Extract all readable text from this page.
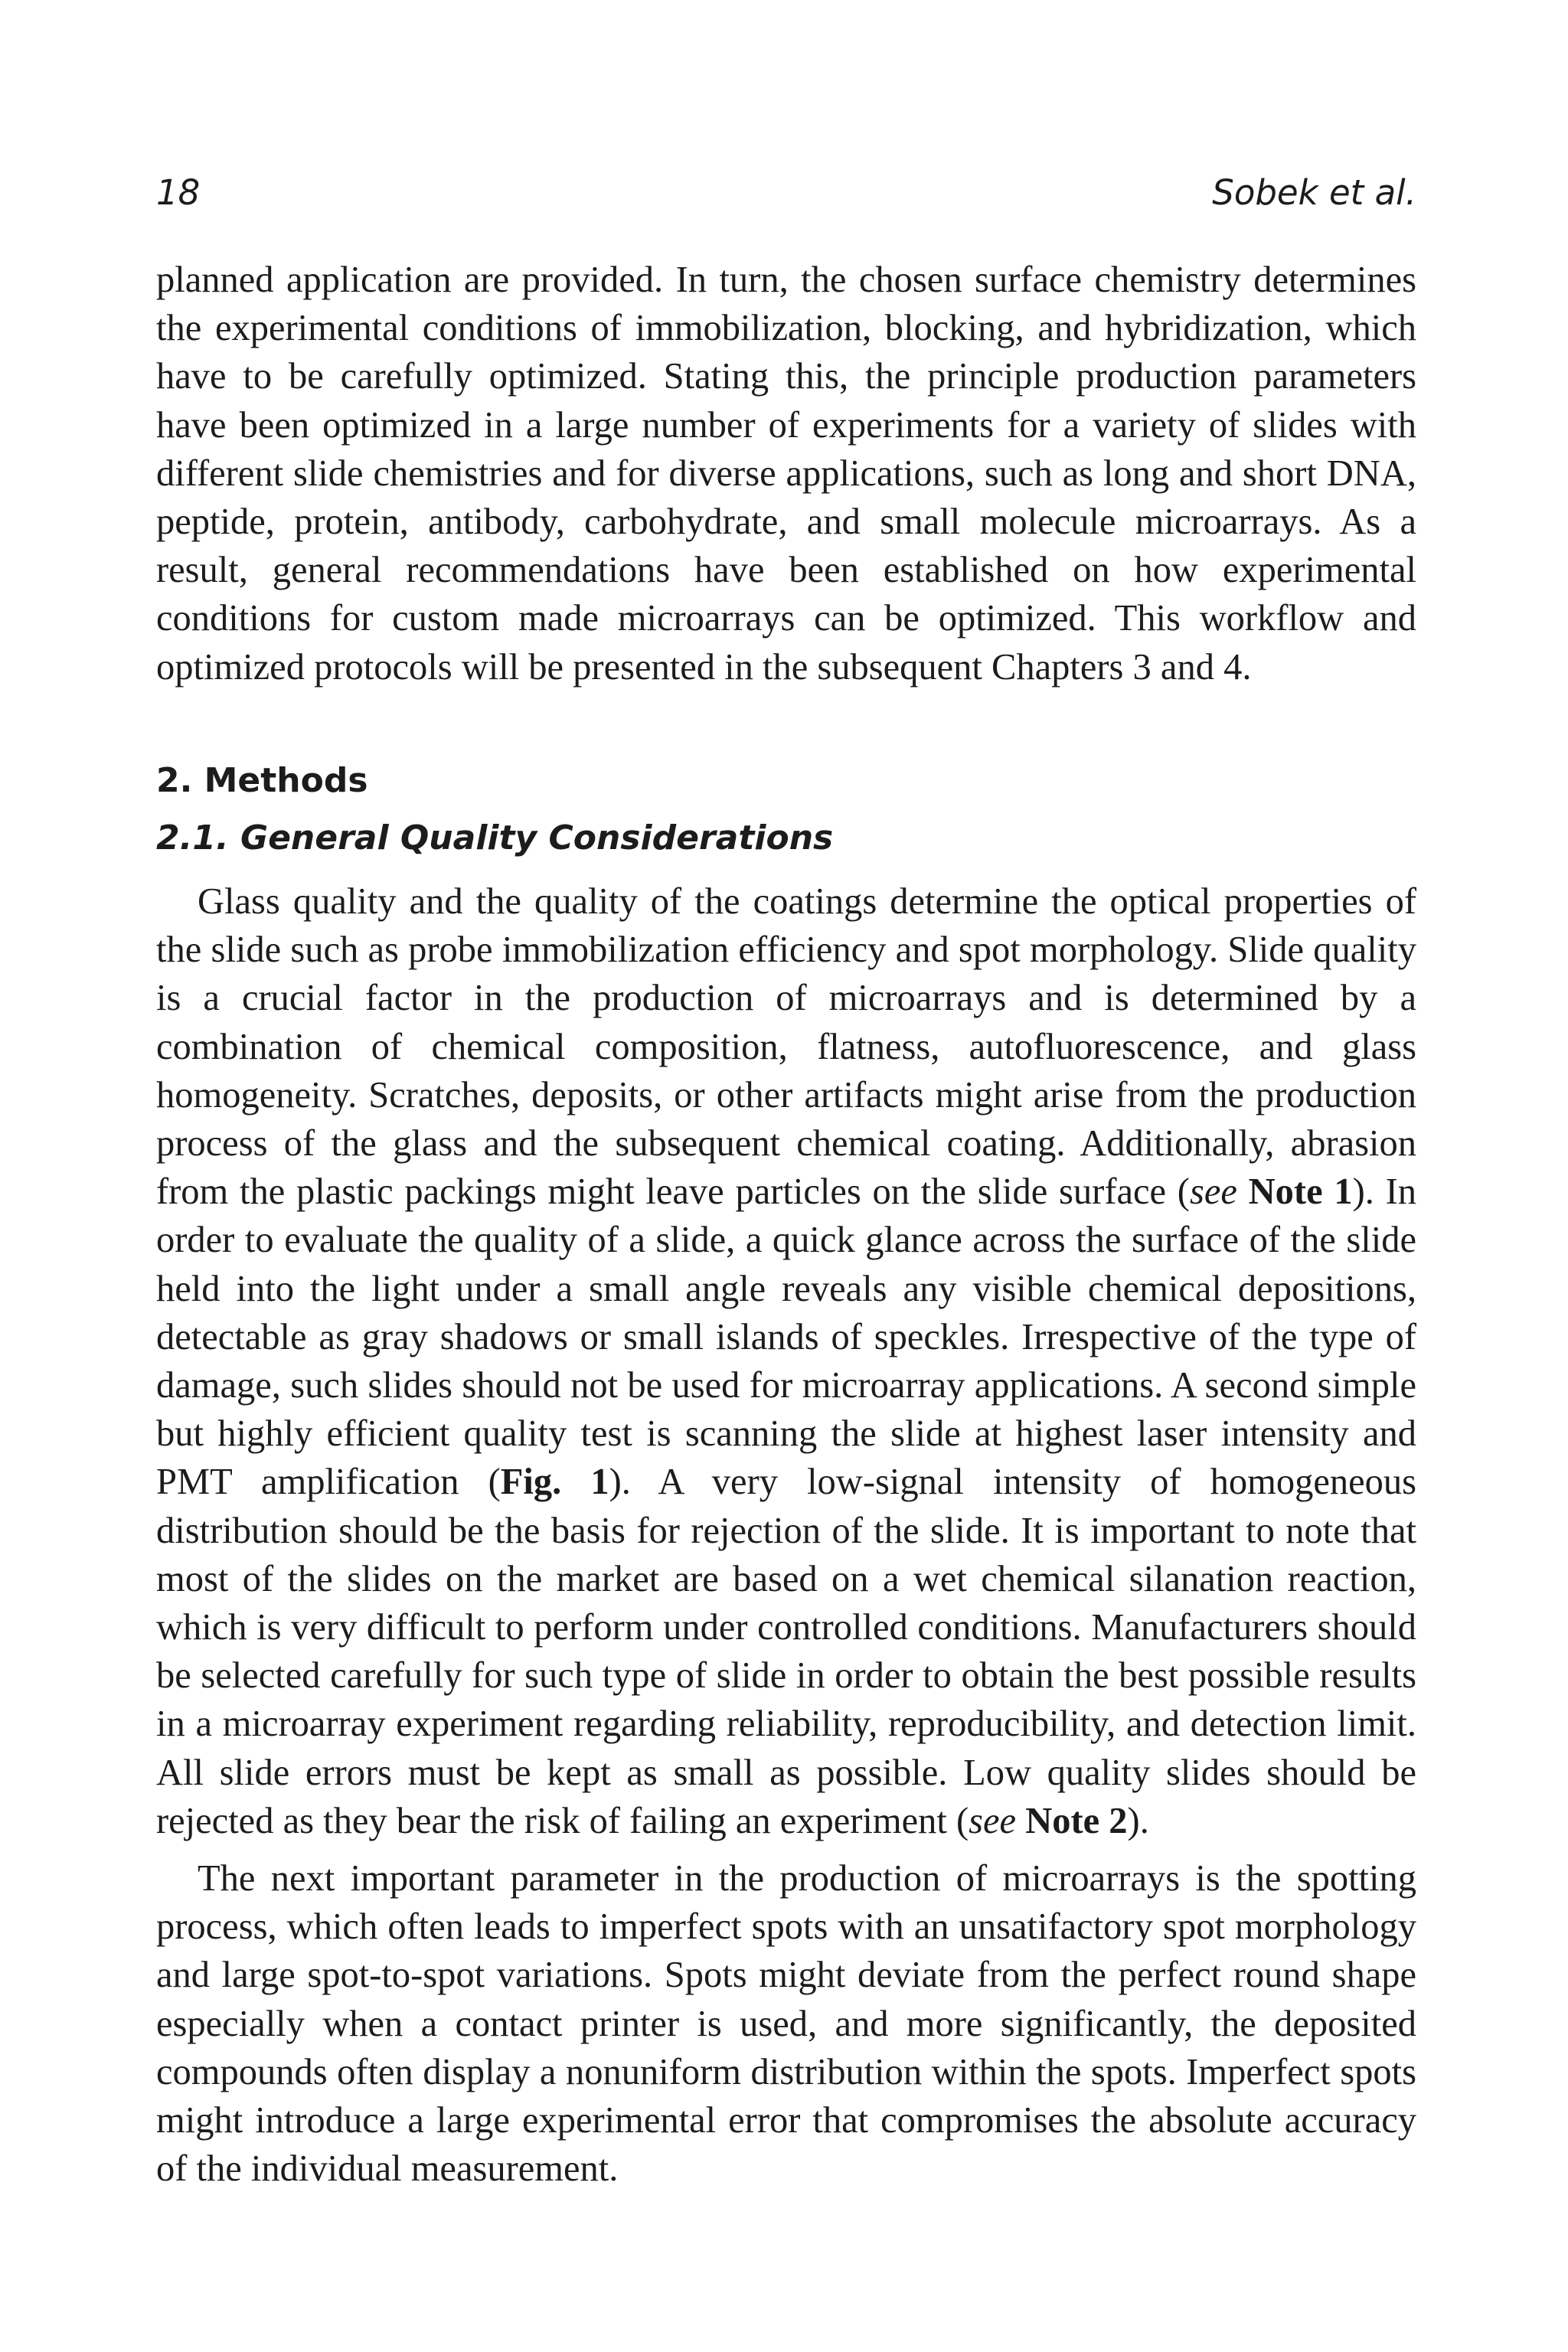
18	Sobek et al.

planned application are provided. In turn, the chosen surface chemistry determines the experimental conditions of immobilization, blocking, and hybridization, which have to be carefully optimized. Stating this, the principle production parameters have been optimized in a large number of experiments for a variety of slides with different slide chemistries and for diverse applications, such as long and short DNA, peptide, protein, antibody, carbohydrate, and small molecule microarrays. As a result, general recommendations have been established on how experimental conditions for custom made microarrays can be optimized. This workflow and optimized protocols will be presented in the subsequent Chapters 3 and 4.

2. Methods
2.1. General Quality Considerations

Glass quality and the quality of the coatings determine the optical properties of the slide such as probe immobilization efficiency and spot morphology. Slide quality is a crucial factor in the production of microarrays and is determined by a combination of chemical composition, flatness, autofluorescence, and glass homogeneity. Scratches, deposits, or other artifacts might arise from the production process of the glass and the subsequent chemical coating. Additionally, abrasion from the plastic packings might leave particles on the slide surface (see Note 1). In order to evaluate the quality of a slide, a quick glance across the surface of the slide held into the light under a small angle reveals any visible chemical depositions, detectable as gray shadows or small islands of speckles. Irrespective of the type of damage, such slides should not be used for microarray applications. A second simple but highly efficient quality test is scanning the slide at highest laser intensity and PMT amplification (Fig. 1). A very low-signal intensity of homogeneous distribution should be the basis for rejection of the slide. It is important to note that most of the slides on the market are based on a wet chemical silanation reaction, which is very difficult to perform under controlled conditions. Manufacturers should be selected carefully for such type of slide in order to obtain the best possible results in a microarray experiment regarding reliability, reproducibility, and detection limit. All slide errors must be kept as small as possible. Low quality slides should be rejected as they bear the risk of failing an experiment (see Note 2).

The next important parameter in the production of microarrays is the spotting process, which often leads to imperfect spots with an unsatifactory spot morphology and large spot-to-spot variations. Spots might deviate from the perfect round shape especially when a contact printer is used, and more significantly, the deposited compounds often display a nonuniform distribution within the spots. Imperfect spots might introduce a large experimental error that compromises the absolute accuracy of the individual measurement.
